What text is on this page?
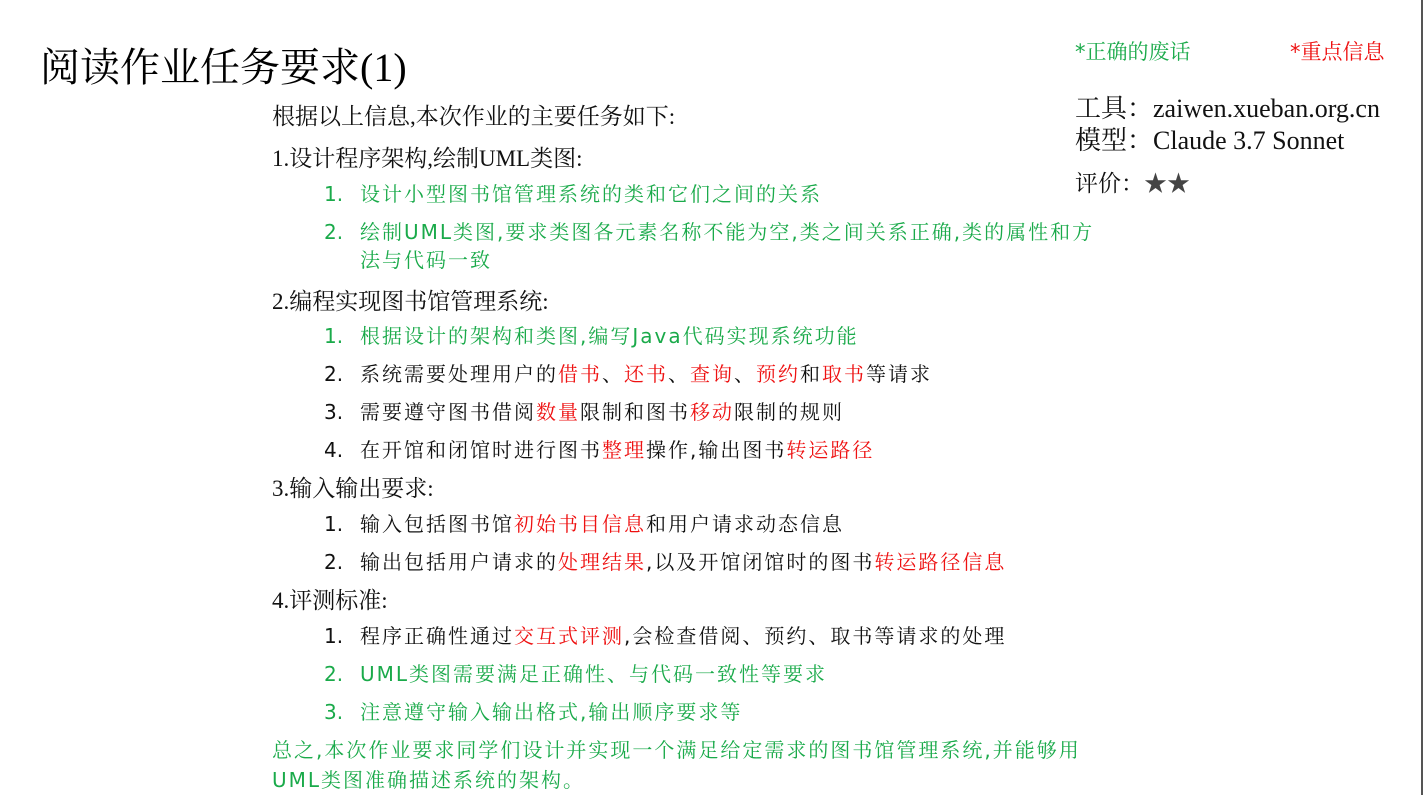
阅读作业任务要求(1)	*正确的废话	*重点信息
工具：zaiwen.xueban.org.cn
模型：Claude 3.7 Sonnet
评价：★★
根据以上信息,本次作业的主要任务如下:
1.设计程序架构,绘制UML类图:
1. 设计小型图书馆管理系统的类和它们之间的关系
2. 绘制UML类图,要求类图各元素名称不能为空,类之间关系正确,类的属性和方
法与代码一致
2.编程实现图书馆管理系统:
1. 根据设计的架构和类图,编写Java代码实现系统功能
2. 系统需要处理用户的借书、还书、查询、预约和取书等请求
3. 需要遵守图书借阅数量限制和图书移动限制的规则
4. 在开馆和闭馆时进行图书整理操作,输出图书转运路径
3.输入输出要求:
1. 输入包括图书馆初始书目信息和用户请求动态信息
2. 输出包括用户请求的处理结果,以及开馆闭馆时的图书转运路径信息
4.评测标准:
1. 程序正确性通过交互式评测,会检查借阅、预约、取书等请求的处理
2. UML类图需要满足正确性、与代码一致性等要求
3. 注意遵守输入输出格式,输出顺序要求等
总之,本次作业要求同学们设计并实现一个满足给定需求的图书馆管理系统,并能够用
UML类图准确描述系统的架构。
